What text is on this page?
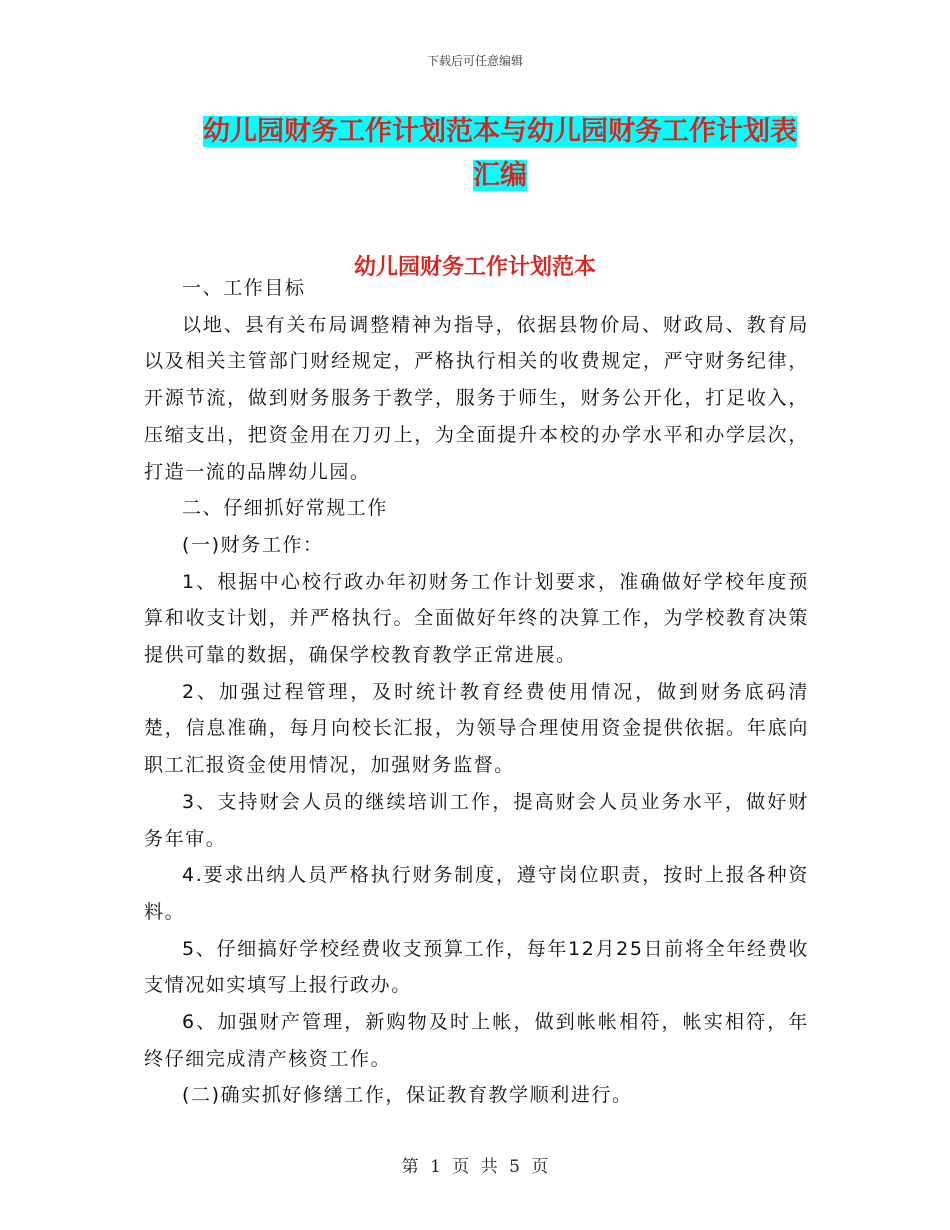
下载后可任意编辑
幼儿园财务工作计划范本与幼儿园财务工作计划表汇编
幼儿园财务工作计划范本

一、工作目标

以地、县有关布局调整精神为指导，依据县物价局、财政局、教育局以及相关主管部门财经规定，严格执行相关的收费规定，严守财务纪律，开源节流，做到财务服务于教学，服务于师生，财务公开化，打足收入，压缩支出，把资金用在刀刃上，为全面提升本校的办学水平和办学层次，打造一流的品牌幼儿园。

二、仔细抓好常规工作

(一)财务工作：

1、根据中心校行政办年初财务工作计划要求，准确做好学校年度预算和收支计划，并严格执行。全面做好年终的决算工作，为学校教育决策提供可靠的数据，确保学校教育教学正常进展。

2、加强过程管理，及时统计教育经费使用情况，做到财务底码清楚，信息准确，每月向校长汇报，为领导合理使用资金提供依据。年底向职工汇报资金使用情况，加强财务监督。

3、支持财会人员的继续培训工作，提高财会人员业务水平，做好财务年审。

4.要求出纳人员严格执行财务制度，遵守岗位职责，按时上报各种资料。

5、仔细搞好学校经费收支预算工作，每年12月25日前将全年经费收支情况如实填写上报行政办。

6、加强财产管理，新购物及时上帐，做到帐帐相符，帐实相符，年终仔细完成清产核资工作。

(二)确实抓好修缮工作，保证教育教学顺利进行。

第 1 页 共 5 页
